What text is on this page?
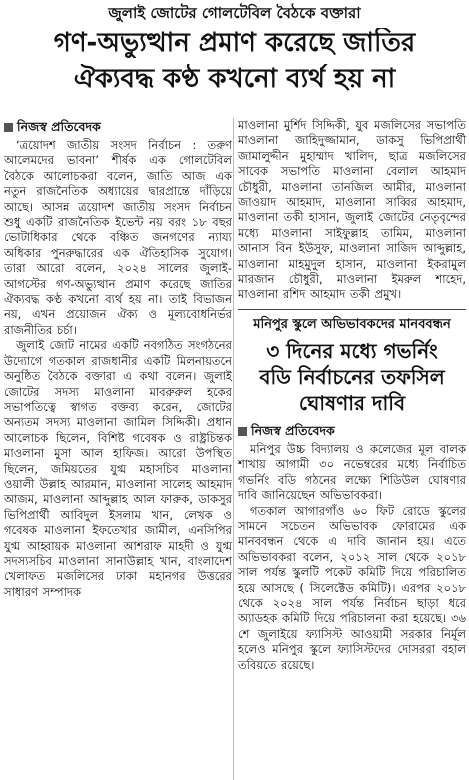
জুলাই জোটের গোলটেবিল বৈঠকে বক্তারা
গণ-অভ্যুত্থান প্রমাণ করেছে জাতির
ঐক্যবদ্ধ কণ্ঠ কখনো ব্যর্থ হয় না
নিজস্ব প্রতিবেদক
‘ত্রয়োদশ জাতীয় সংসদ নির্বাচন : তরুণ আলেমদের ভাবনা’ শীর্ষক এক গোলটেবিল বৈঠকে আলোচকরা বলেন, জাতি আজ এক নতুন রাজনৈতিক অধ্যায়ের দ্বারপ্রান্তে দাঁড়িয়ে আছে। আসন্ন ত্রয়োদশ জাতীয় সংসদ নির্বাচন শুধু একটি রাজনৈতিক ইভেন্ট নয় বরং ১৮ বছর ভোটাধিকার থেকে বঞ্চিত জনগণের ন্যায্য অধিকার পুনরুদ্ধারের এক ঐতিহাসিক সুযোগ। তারা আরো বলেন, ২০২৪ সালের জুলাই-আগস্টের গণ-অভ্যুত্থান প্রমাণ করেছে জাতির ঐক্যবদ্ধ কণ্ঠ কখনো ব্যর্থ হয় না। তাই বিভাজন নয়, এখন প্রয়োজন ঐক্য ও মূল্যবোধনির্ভর রাজনীতির চর্চা।
জুলাই জোট নামের একটি নবগঠিত সংগঠনের উদ্যোগে গতকাল রাজধানীর একটি মিলনায়তনে অনুষ্ঠিত বৈঠকে বক্তারা এ কথা বলেন। জুলাই জোটের সদস্য মাওলানা মাবরুরুল হকের সভাপতিত্বে স্বাগত বক্তব্য করেন, জোটের অন্যতম সদস্য মাওলানা জামিল সিদ্দিকী। প্রধান আলোচক ছিলেন, বিশিষ্ট গবেষক ও রাষ্ট্রচিন্তক মাওলানা মুসা আল হাফিজ। আরো উপস্থিত ছিলেন, জমিয়তের যুগ্ম মহাসচিব মাওলানা ওয়ালী উল্লাহ আরমান, মাওলানা সালেহ আহমাদ আজম, মাওলানা আব্দুল্লাহ আল ফারুক, ডাকসুর ভিপিপ্রার্থী আবিদুল ইসলাম খান, লেখক ও গবেষক মাওলানা ইফতেখার জামীল, এনসিপির যুগ্ম আহ্বায়ক মাওলানা আশরাফ মাহদী ও যুগ্ম সদস্যসচিব মাওলানা সানাউল্লাহ খান, বাংলাদেশ খেলাফত মজলিসের ঢাকা মহানগর উত্তরের সাধারণ সম্পাদক
মাওলানা মুর্শিদ সিদ্দিকী, যুব মজলিসের সভাপতি মাওলানা জাহিদুজ্জামান, ডাকসু ভিপিপ্রার্থী জামালুদ্দীন মুহাম্মাদ খালিদ, ছাত্র মজলিসের সাবেক সভাপতি মাওলানা বেলাল আহমাদ চৌধুরী, মাওলানা তানজিল আমীর, মাওলানা জাওয়াদ আহমাদ, মাওলানা সাব্বির আহমাদ, মাওলানা তকী হাসান, জুলাই জোটের নেতৃবৃন্দের মধ্যে মাওলানা সাইফুল্লাহ তামিম, মাওলানা আনাস বিন ইউসুফ, মাওলানা সাজিদ আব্দুল্লাহ, মাওলানা মাহমুদুল হাসান, মাওলানা ইকরামুল মারজান চৌধুরী, মাওলানা ইমরুল শাহেদ, মাওলানা রশিদ আহমাদ তকী প্রমুখ।
মনিপুর স্কুলে অভিভাবকদের মানববন্ধন
৩ দিনের মধ্যে গভর্নিং
বডি নির্বাচনের তফসিল
ঘোষণার দাবি
নিজস্ব প্রতিবেদক
মনিপুর উচ্চ বিদ্যালয় ও কলেজের মূল বালক শাখায় আগামী ৩০ নভেম্বরের মধ্যে নির্বাচিত গভর্নিং বডি গঠনের লক্ষ্যে শিডিউল ঘোষণার দাবি জানিয়েছেন অভিভাবকরা।
গতকাল আগারগাঁও ৬০ ফিট রোডে স্কুলের সামনে সচেতন অভিভাবক ফোরামের এক মানববন্ধন থেকে এ দাবি জানান হয়। এতে অভিভাবকরা বলেন, ২০১২ সাল থেকে ২০১৮ সাল পর্যন্ত স্কুলটি পকেট কমিটি দিয়ে পরিচালিত হয়ে আসছে ( সিলেক্টেড কমিটি)। এরপর ২০১৮ থেকে ২০২৪ সাল পর্যন্ত নির্বাচন ছাড়া ধরে অ্যাডহক কমিটি দিয়ে পরিচালনা করা হয়েছে। ৩৬ শে জুলাইয়ে ফ্যাসিস্ট আওয়ামী সরকার নির্মূল হলেও মনিপুর স্কুলে ফ্যাসিস্টদের দোসররা বহাল তবিয়তে রয়েছে।
